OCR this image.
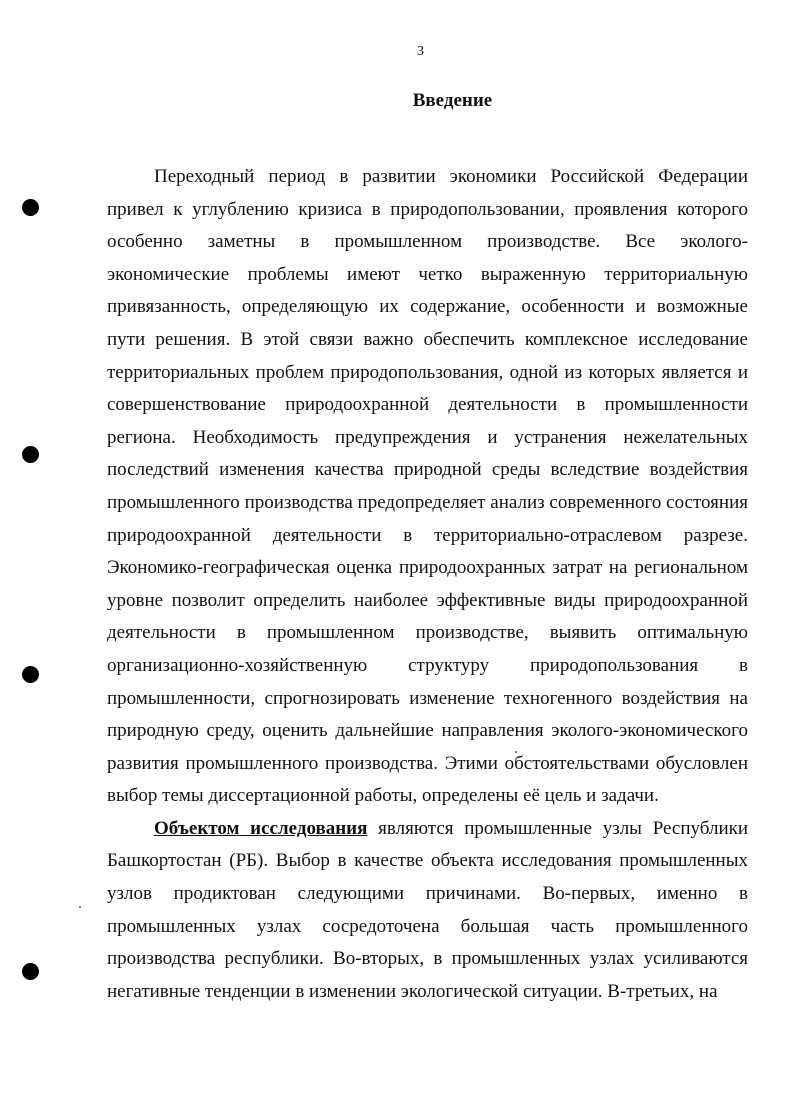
3
Введение

Переходный период в развитии экономики Российской Федерации привел к углублению кризиса в природопользовании, проявления которого особенно заметны в промышленном производстве. Все эколого-экономические проблемы имеют четко выраженную территориальную привязанность, определяющую их содержание, особенности и возможные пути решения. В этой связи важно обеспечить комплексное исследование территориальных проблем природопользования, одной из которых является и совершенствование природоохранной деятельности в промышленности региона. Необходимость предупреждения и устранения нежелательных последствий изменения качества природной среды вследствие воздействия промышленного производства предопределяет анализ современного состояния природоохранной деятельности в территориально-отраслевом разрезе. Экономико-географическая оценка природоохранных затрат на региональном уровне позволит определить наиболее эффективные виды природоохранной деятельности в промышленном производстве, выявить оптимальную организационно-хозяйственную структуру природопользования в промышленности, спрогнозировать изменение техногенного воздействия на природную среду, оценить дальнейшие направления эколого-экономического развития промышленного производства. Этими обстоятельствами обусловлен выбор темы диссертационной работы, определены её цель и задачи.

Объектом исследования являются промышленные узлы Республики Башкортостан (РБ). Выбор в качестве объекта исследования промышленных узлов продиктован следующими причинами. Во-первых, именно в промышленных узлах сосредоточена большая часть промышленного производства республики. Во-вторых, в промышленных узлах усиливаются негативные тенденции в изменении экологической ситуации. В-третьих, на
